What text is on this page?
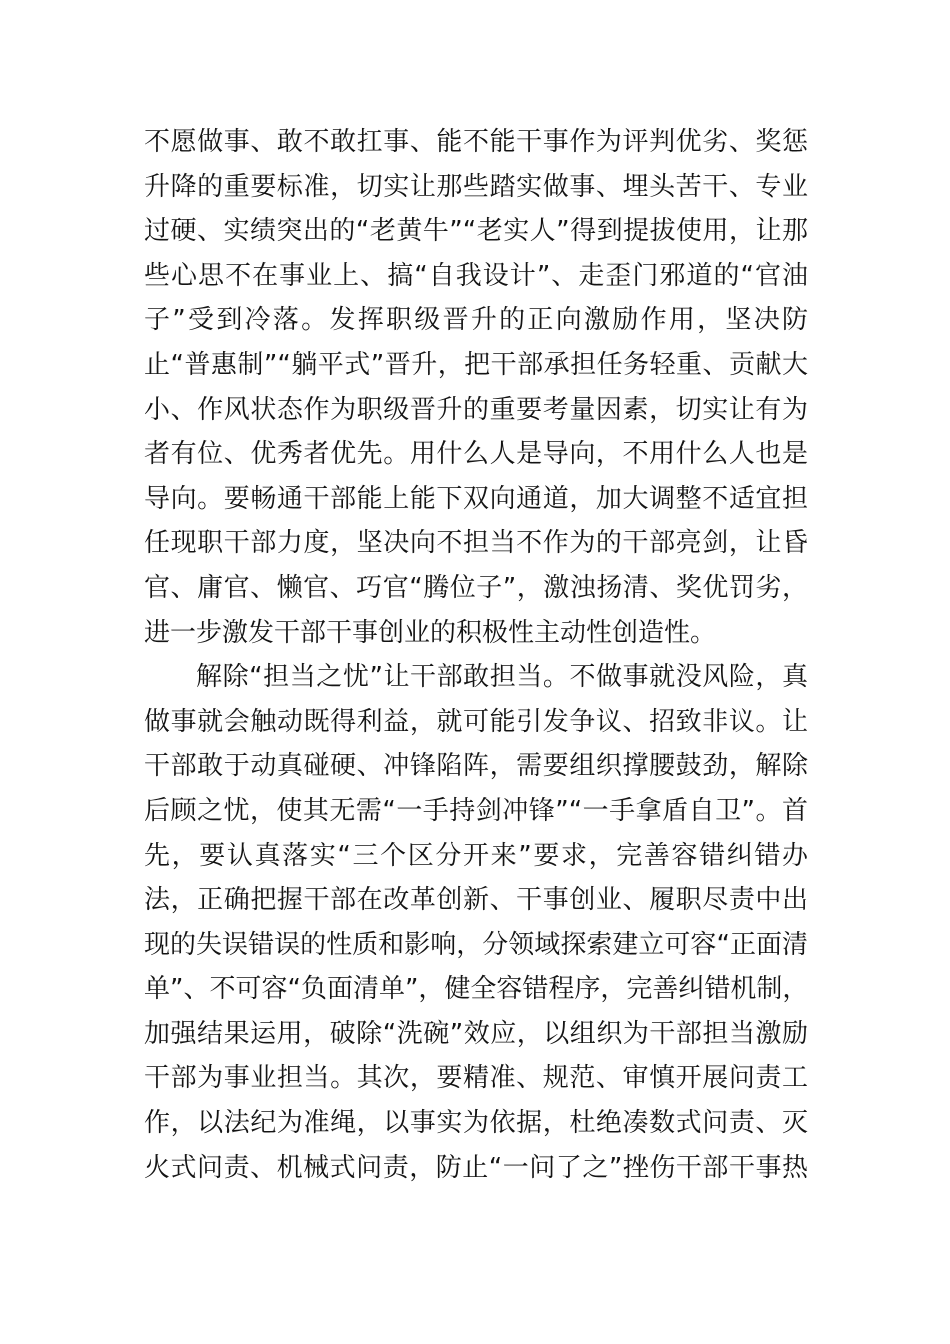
不愿做事、敢不敢扛事、能不能干事作为评判优劣、奖惩
升降的重要标准，切实让那些踏实做事、埋头苦干、专业
过硬、实绩突出的“老黄牛”“老实人”得到提拔使用，让那
些心思不在事业上、搞“自我设计”、走歪门邪道的“官油
子”受到冷落。发挥职级晋升的正向激励作用，坚决防
止“普惠制”“躺平式”晋升，把干部承担任务轻重、贡献大
小、作风状态作为职级晋升的重要考量因素，切实让有为
者有位、优秀者优先。用什么人是导向，不用什么人也是
导向。要畅通干部能上能下双向通道，加大调整不适宜担
任现职干部力度，坚决向不担当不作为的干部亮剑，让昏
官、庸官、懒官、巧官“腾位子”，激浊扬清、奖优罚劣，
进一步激发干部干事创业的积极性主动性创造性。
解除“担当之忧”让干部敢担当。不做事就没风险，真
做事就会触动既得利益，就可能引发争议、招致非议。让
干部敢于动真碰硬、冲锋陷阵，需要组织撑腰鼓劲，解除
后顾之忧，使其无需“一手持剑冲锋”“一手拿盾自卫”。首
先，要认真落实“三个区分开来”要求，完善容错纠错办
法，正确把握干部在改革创新、干事创业、履职尽责中出
现的失误错误的性质和影响，分领域探索建立可容“正面清
单”、不可容“负面清单”，健全容错程序，完善纠错机制，
加强结果运用，破除“洗碗”效应，以组织为干部担当激励
干部为事业担当。其次，要精准、规范、审慎开展问责工
作，以法纪为准绳，以事实为依据，杜绝凑数式问责、灭
火式问责、机械式问责，防止“一问了之”挫伤干部干事热
